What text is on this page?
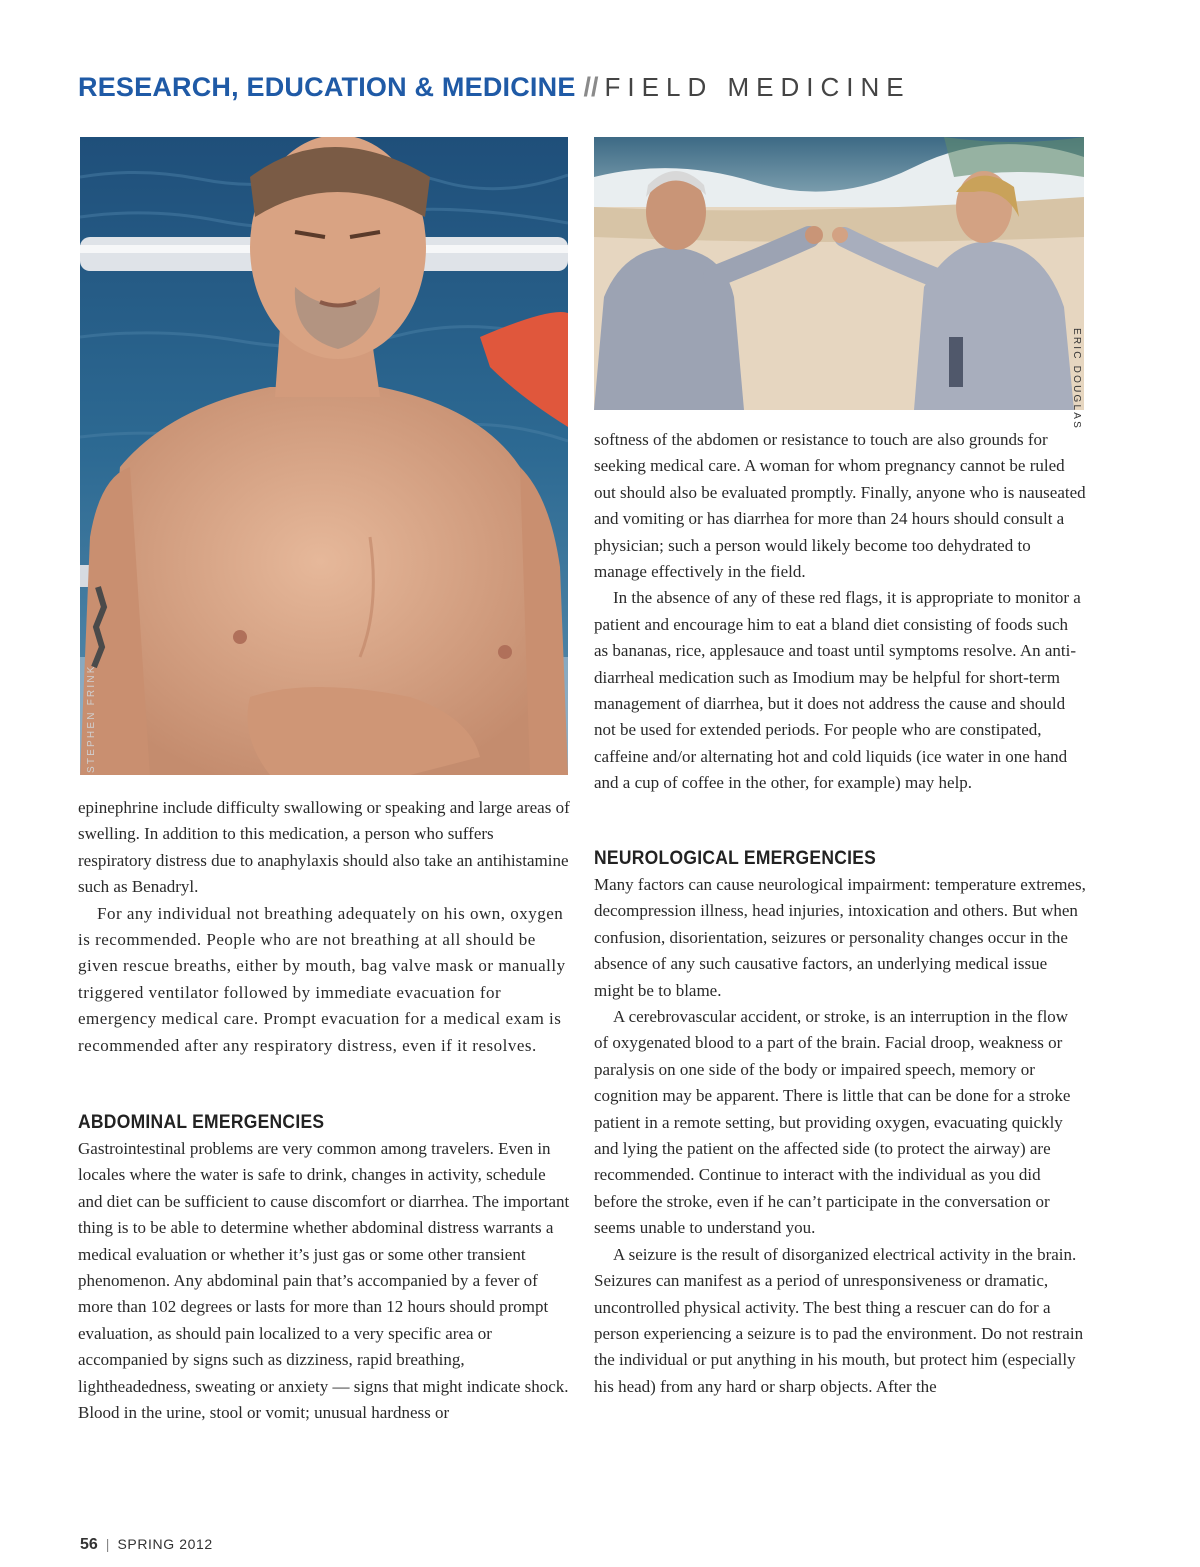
RESEARCH, EDUCATION & MEDICINE // FIELD MEDICINE
STEPHEN FRINK
ERIC DOUGLAS

epinephrine include difficulty swallowing or speaking and large areas of swelling. In addition to this medication, a person who suffers respiratory distress due to anaphylaxis should also take an antihistamine such as Benadryl.

For any individual not breathing adequately on his own, oxygen is recommended. People who are not breathing at all should be given rescue breaths, either by mouth, bag valve mask or manually triggered ventilator followed by immediate evacuation for emergency medical care. Prompt evacuation for a medical exam is recommended after any respiratory distress, even if it resolves.

ABDOMINAL EMERGENCIES

Gastrointestinal problems are very common among travelers. Even in locales where the water is safe to drink, changes in activity, schedule and diet can be sufficient to cause discomfort or diarrhea. The important thing is to be able to determine whether abdominal distress warrants a medical evaluation or whether it’s just gas or some other transient phenomenon. Any abdominal pain that’s accompanied by a fever of more than 102 degrees or lasts for more than 12 hours should prompt evaluation, as should pain localized to a very specific area or accompanied by signs such as dizziness, rapid breathing, lightheadedness, sweating or anxiety — signs that might indicate shock. Blood in the urine, stool or vomit; unusual hardness or

softness of the abdomen or resistance to touch are also grounds for seeking medical care. A woman for whom pregnancy cannot be ruled out should also be evaluated promptly. Finally, anyone who is nauseated and vomiting or has diarrhea for more than 24 hours should consult a physician; such a person would likely become too dehydrated to manage effectively in the field.

In the absence of any of these red flags, it is appropriate to monitor a patient and encourage him to eat a bland diet consisting of foods such as bananas, rice, applesauce and toast until symptoms resolve. An anti-diarrheal medication such as Imodium may be helpful for short-term management of diarrhea, but it does not address the cause and should not be used for extended periods. For people who are constipated, caffeine and/or alternating hot and cold liquids (ice water in one hand and a cup of coffee in the other, for example) may help.

NEUROLOGICAL EMERGENCIES

Many factors can cause neurological impairment: temperature extremes, decompression illness, head injuries, intoxication and others. But when confusion, disorientation, seizures or personality changes occur in the absence of any such causative factors, an underlying medical issue might be to blame.

A cerebrovascular accident, or stroke, is an interruption in the flow of oxygenated blood to a part of the brain. Facial droop, weakness or paralysis on one side of the body or impaired speech, memory or cognition may be apparent. There is little that can be done for a stroke patient in a remote setting, but providing oxygen, evacuating quickly and lying the patient on the affected side (to protect the airway) are recommended. Continue to interact with the individual as you did before the stroke, even if he can’t participate in the conversation or seems unable to understand you.

A seizure is the result of disorganized electrical activity in the brain. Seizures can manifest as a period of unresponsiveness or dramatic, uncontrolled physical activity. The best thing a rescuer can do for a person experiencing a seizure is to pad the environment. Do not restrain the individual or put anything in his mouth, but protect him (especially his head) from any hard or sharp objects. After the

56 | SPRING 2012
